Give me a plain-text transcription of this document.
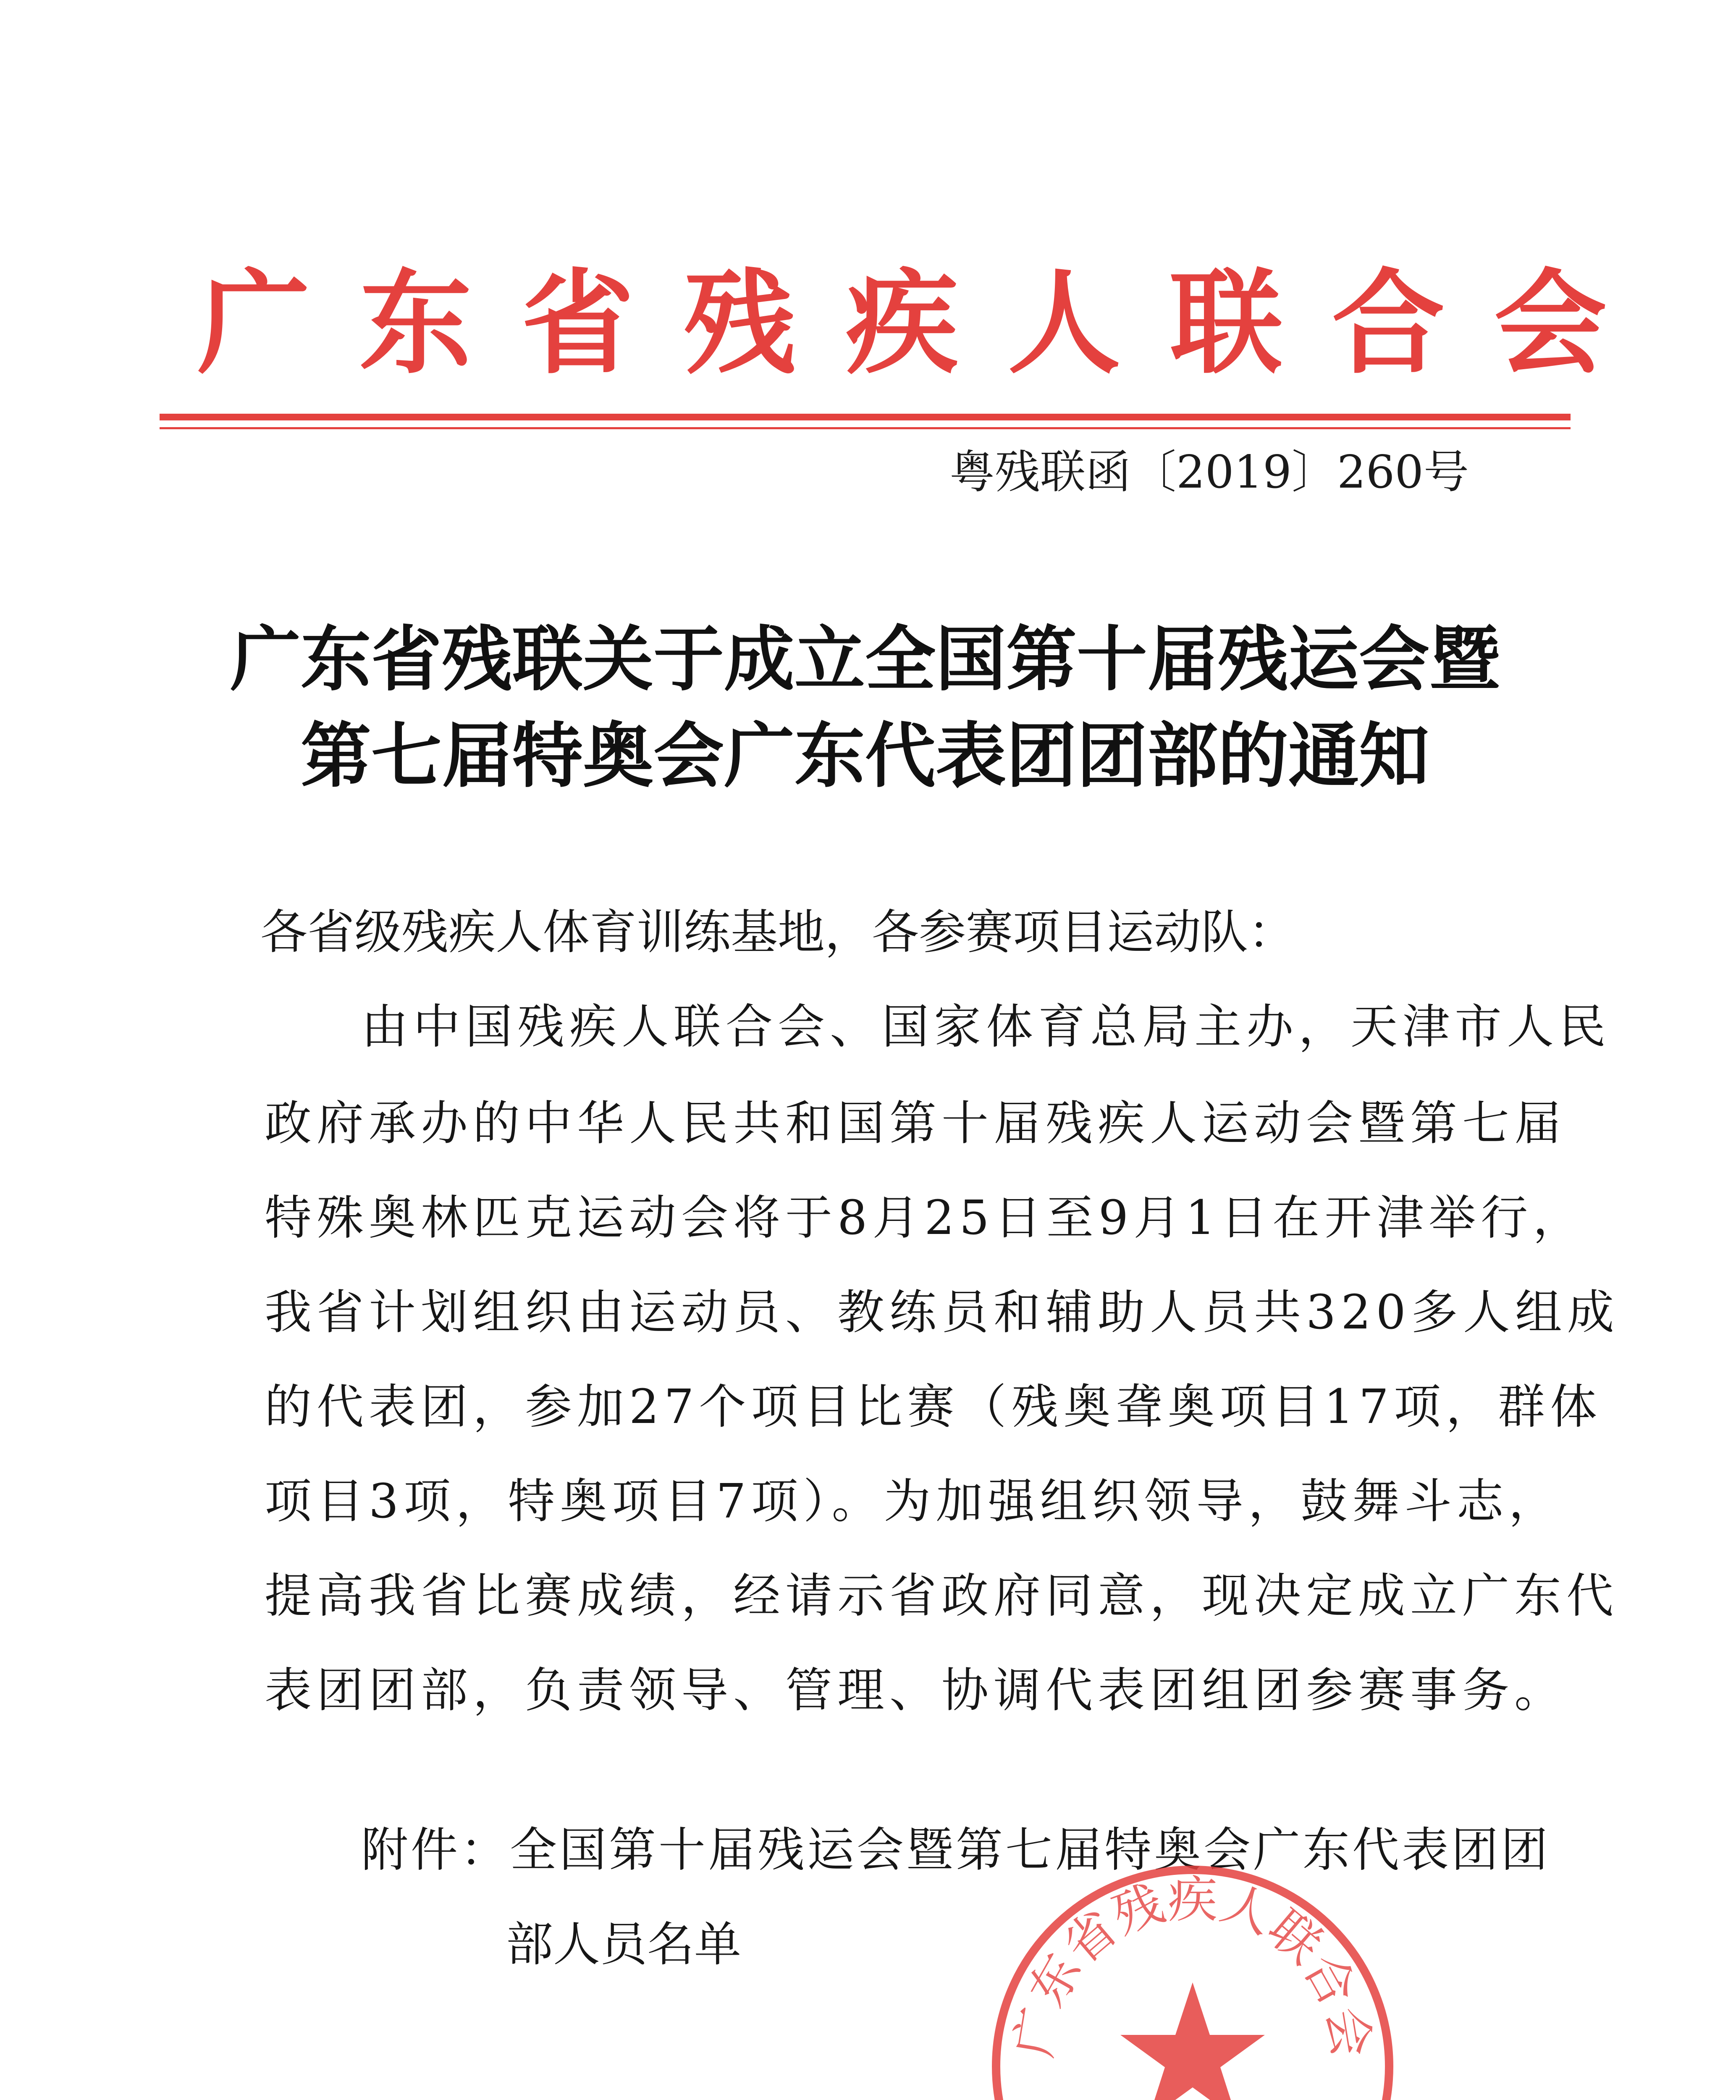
广东省残疾人联合会
粤残联函〔2019〕260号
广东省残联关于成立全国第十届残运会暨
第七届特奥会广东代表团团部的通知
各省级残疾人体育训练基地，各参赛项目运动队：
由中国残疾人联合会、国家体育总局主办，天津市人民
政府承办的中华人民共和国第十届残疾人运动会暨第七届
特殊奥林匹克运动会将于8月25日至9月1日在开津举行，
我省计划组织由运动员、教练员和辅助人员共320多人组成
的代表团，参加27个项目比赛（残奥聋奥项目17项，群体
项目3项，特奥项目7项）。为加强组织领导，鼓舞斗志，
提高我省比赛成绩，经请示省政府同意，现决定成立广东代
表团团部，负责领导、管理、协调代表团组团参赛事务。
附件：全国第十届残运会暨第七届特奥会广东代表团团
部人员名单
广东省残疾人联合会
